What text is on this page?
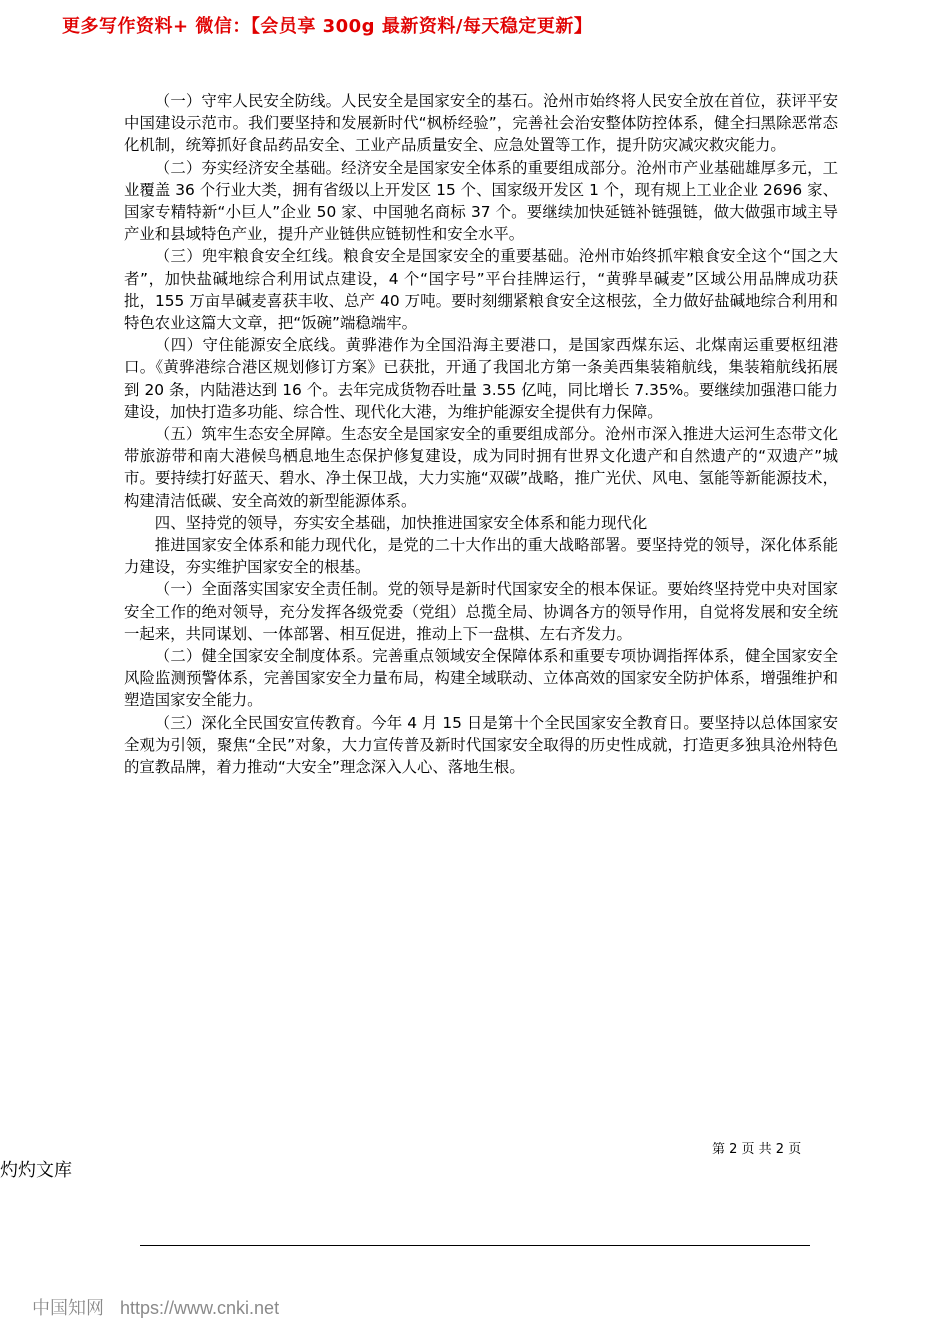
更多写作资料+ 微信：【会员享 300g 最新资料/每天稳定更新】

（一）守牢人民安全防线。人民安全是国家安全的基石。沧州市始终将人民安全放在首位，获评平安中国建设示范市。我们要坚持和发展新时代“枫桥经验”，完善社会治安整体防控体系，健全扫黑除恶常态化机制，统筹抓好食品药品安全、工业产品质量安全、应急处置等工作，提升防灾减灾救灾能力。

（二）夯实经济安全基础。经济安全是国家安全体系的重要组成部分。沧州市产业基础雄厚多元，工业覆盖 36 个行业大类，拥有省级以上开发区 15 个、国家级开发区 1 个，现有规上工业企业 2696 家、国家专精特新“小巨人”企业 50 家、中国驰名商标 37 个。要继续加快延链补链强链，做大做强市域主导产业和县域特色产业，提升产业链供应链韧性和安全水平。

（三）兜牢粮食安全红线。粮食安全是国家安全的重要基础。沧州市始终抓牢粮食安全这个“国之大者”，加快盐碱地综合利用试点建设，4 个“国字号”平台挂牌运行，“黄骅旱碱麦”区域公用品牌成功获批，155 万亩旱碱麦喜获丰收、总产 40 万吨。要时刻绷紧粮食安全这根弦，全力做好盐碱地综合利用和特色农业这篇大文章，把“饭碗”端稳端牢。

（四）守住能源安全底线。黄骅港作为全国沿海主要港口，是国家西煤东运、北煤南运重要枢纽港口。《黄骅港综合港区规划修订方案》已获批，开通了我国北方第一条美西集装箱航线，集装箱航线拓展到 20 条，内陆港达到 16 个。去年完成货物吞吐量 3.55 亿吨，同比增长 7.35%。要继续加强港口能力建设，加快打造多功能、综合性、现代化大港，为维护能源安全提供有力保障。

（五）筑牢生态安全屏障。生态安全是国家安全的重要组成部分。沧州市深入推进大运河生态带文化带旅游带和南大港候鸟栖息地生态保护修复建设，成为同时拥有世界文化遗产和自然遗产的“双遗产”城市。要持续打好蓝天、碧水、净土保卫战，大力实施“双碳”战略，推广光伏、风电、氢能等新能源技术，构建清洁低碳、安全高效的新型能源体系。

四、坚持党的领导，夯实安全基础，加快推进国家安全体系和能力现代化

推进国家安全体系和能力现代化，是党的二十大作出的重大战略部署。要坚持党的领导，深化体系能力建设，夯实维护国家安全的根基。

（一）全面落实国家安全责任制。党的领导是新时代国家安全的根本保证。要始终坚持党中央对国家安全工作的绝对领导，充分发挥各级党委（党组）总揽全局、协调各方的领导作用，自觉将发展和安全统一起来，共同谋划、一体部署、相互促进，推动上下一盘棋、左右齐发力。

（二）健全国家安全制度体系。完善重点领域安全保障体系和重要专项协调指挥体系，健全国家安全风险监测预警体系，完善国家安全力量布局，构建全域联动、立体高效的国家安全防护体系，增强维护和塑造国家安全能力。

（三）深化全民国安宣传教育。今年 4 月 15 日是第十个全民国家安全教育日。要坚持以总体国家安全观为引领，聚焦“全民”对象，大力宣传普及新时代国家安全取得的历史性成就，打造更多独具沧州特色的宣教品牌，着力推动“大安全”理念深入人心、落地生根。

第 2 页 共 2 页
灼灼文库
中国知网 https://www.cnki.net
